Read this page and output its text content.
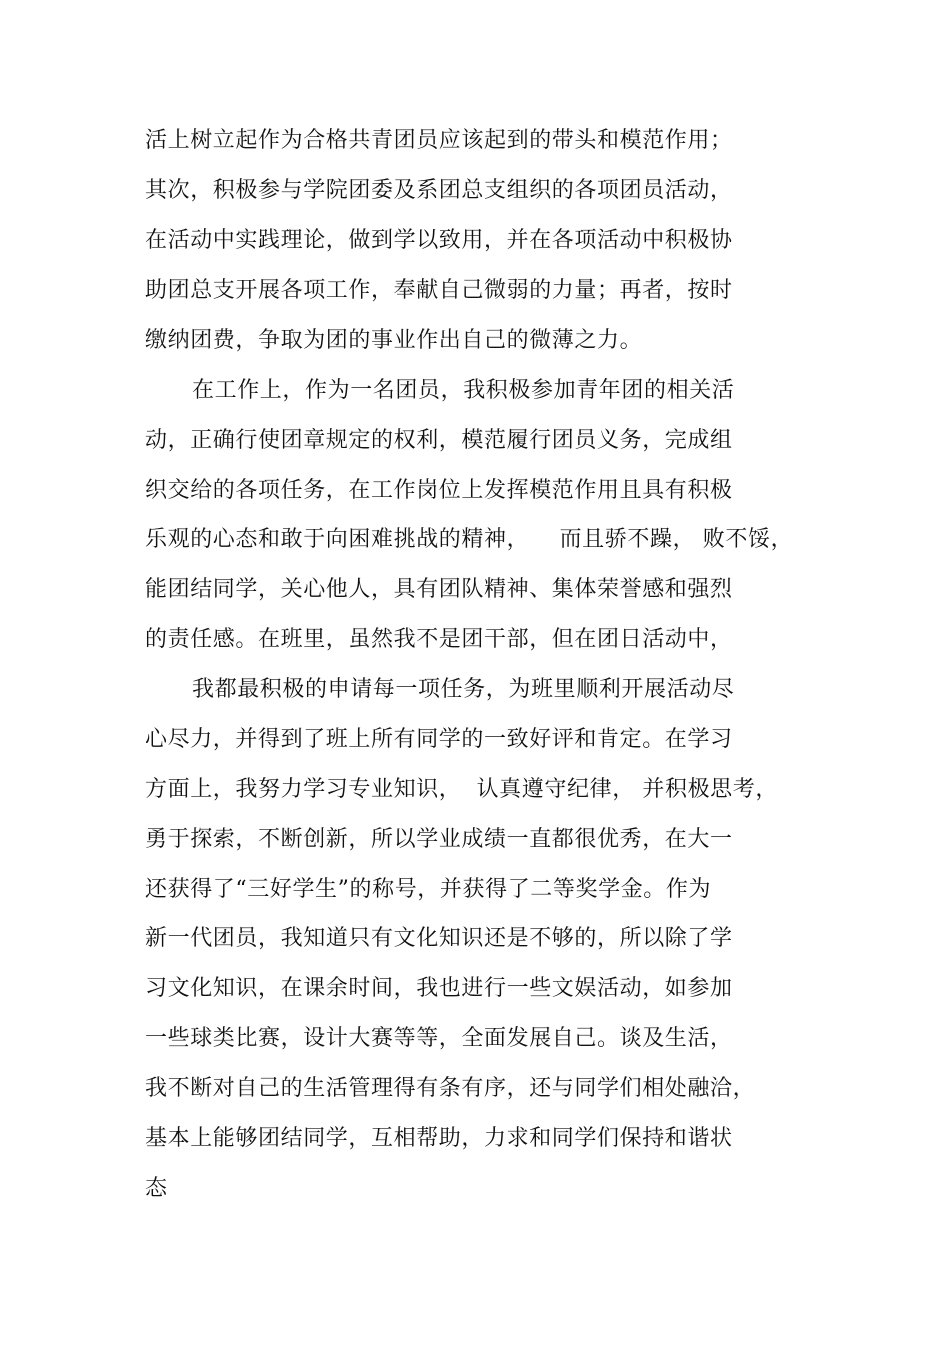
活上树立起作为合格共青团员应该起到的带头和模范作用；
其次，积极参与学院团委及系团总支组织的各项团员活动，
在活动中实践理论，做到学以致用，并在各项活动中积极协
助团总支开展各项工作，奉献自己微弱的力量；再者，按时
缴纳团费，争取为团的事业作出自己的微薄之力。
在工作上，作为一名团员，我积极参加青年团的相关活
动，正确行使团章规定的权利，模范履行团员义务，完成组
织交给的各项任务，在工作岗位上发挥模范作用且具有积极
乐观的心态和敢于向困难挑战的精神，    而且骄不躁， 败不馁，
能团结同学，关心他人，具有团队精神、集体荣誉感和强烈
的责任感。在班里，虽然我不是团干部，但在团日活动中，
我都最积极的申请每一项任务，为班里顺利开展活动尽
心尽力，并得到了班上所有同学的一致好评和肯定。在学习
方面上，我努力学习专业知识，  认真遵守纪律， 并积极思考，
勇于探索，不断创新，所以学业成绩一直都很优秀，在大一
还获得了“三好学生”的称号，并获得了二等奖学金。作为
新一代团员，我知道只有文化知识还是不够的，所以除了学
习文化知识，在课余时间，我也进行一些文娱活动，如参加
一些球类比赛，设计大赛等等，全面发展自己。谈及生活，
我不断对自己的生活管理得有条有序，还与同学们相处融洽，
基本上能够团结同学，互相帮助，力求和同学们保持和谐状
态
